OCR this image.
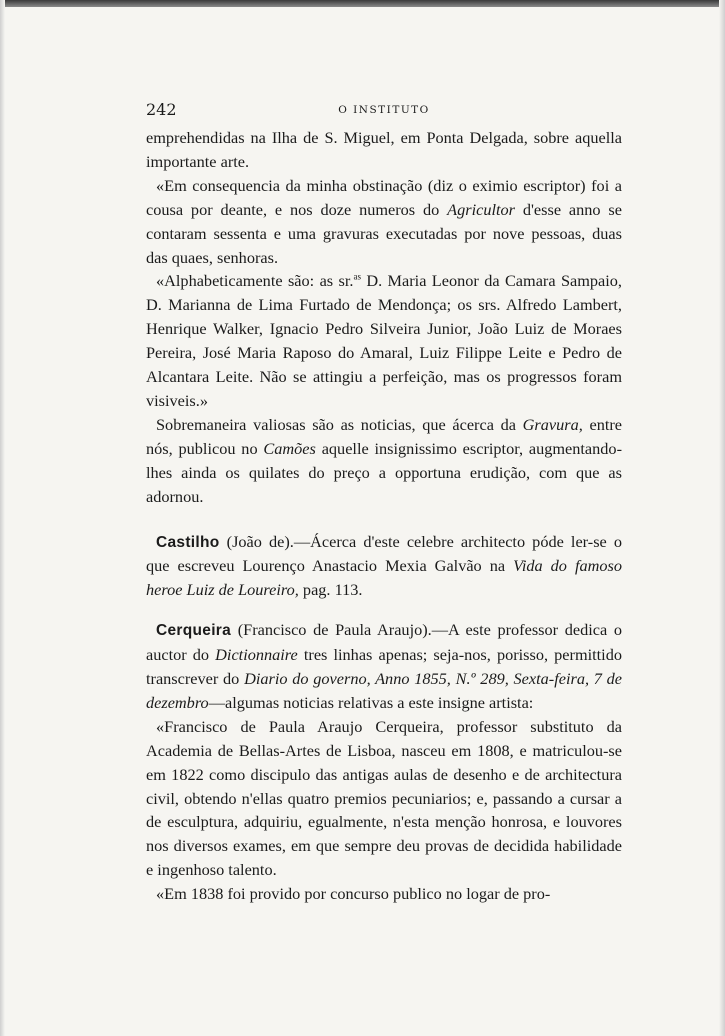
242	O INSTITUTO

emprehendidas na Ilha de S. Miguel, em Ponta Delgada, sobre aquella importante arte.

«Em consequencia da minha obstinação (diz o eximio escriptor) foi a cousa por deante, e nos doze numeros do Agricultor d'esse anno se contaram sessenta e uma gravuras executadas por nove pessoas, duas das quaes, senhoras.

«Alphabeticamente são: as sr.$^{as}$ D. Maria Leonor da Camara Sampaio, D. Marianna de Lima Furtado de Mendonça; os srs. Alfredo Lambert, Henrique Walker, Ignacio Pedro Silveira Junior, João Luiz de Moraes Pereira, José Maria Raposo do Amaral, Luiz Filippe Leite e Pedro de Alcantara Leite. Não se attingiu a perfeição, mas os progressos foram visiveis.»

Sobremaneira valiosas são as noticias, que ácerca da Gravura, entre nós, publicou no Camões aquelle insignissimo escriptor, augmentando-lhes ainda os quilates do preço a opportuna erudição, com que as adornou.

Castilho (João de).—Ácerca d'este celebre architecto póde ler-se o que escreveu Lourenço Anastacio Mexia Galvão na Vida do famoso heroe Luiz de Loureiro, pag. 113.

Cerqueira (Francisco de Paula Araujo).—A este professor dedica o auctor do Dictionnaire tres linhas apenas; seja-nos, porisso, permittido transcrever do Diario do governo, Anno 1855, N.º 289, Sexta-feira, 7 de dezembro—algumas noticias relativas a este insigne artista:

«Francisco de Paula Araujo Cerqueira, professor substituto da Academia de Bellas-Artes de Lisboa, nasceu em 1808, e matriculou-se em 1822 como discipulo das antigas aulas de desenho e de architectura civil, obtendo n'ellas quatro premios pecuniarios; e, passando a cursar a de esculptura, adquiriu, egualmente, n'esta menção honrosa, e louvores nos diversos exames, em que sempre deu provas de decidida habilidade e ingenhoso talento.

«Em 1838 foi provido por concurso publico no logar de pro-
